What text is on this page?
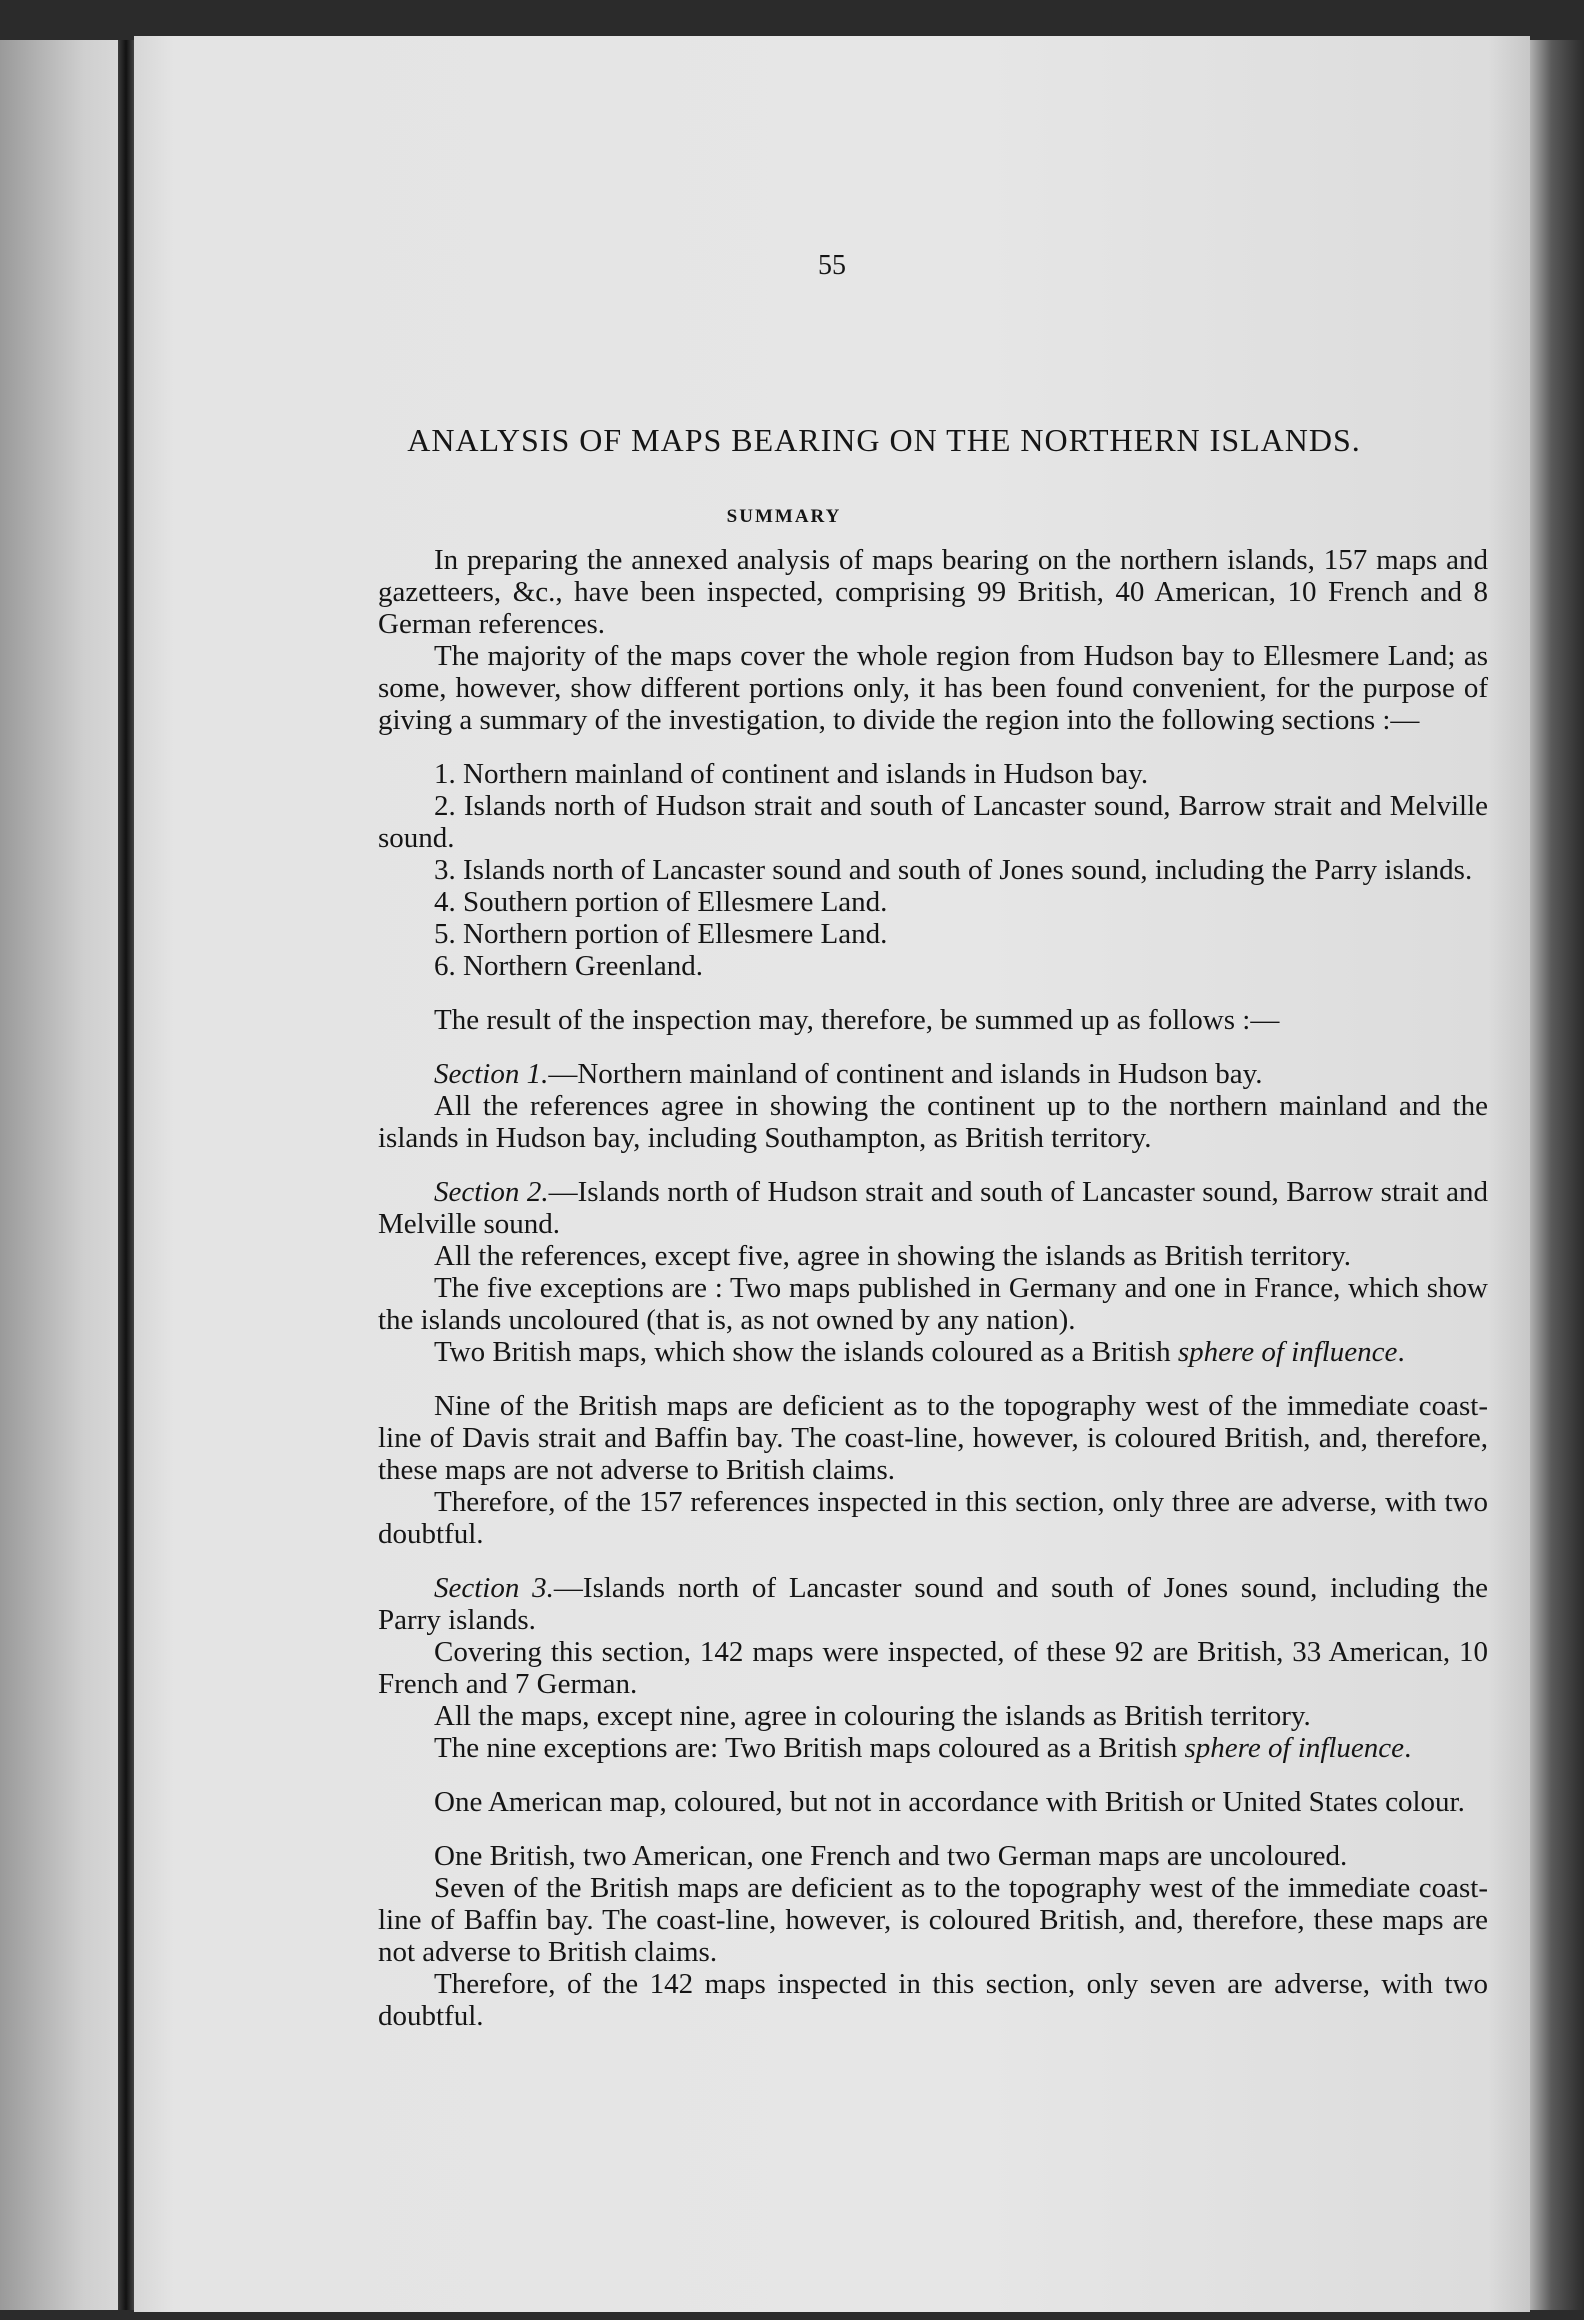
55
ANALYSIS OF MAPS BEARING ON THE NORTHERN ISLANDS.
SUMMARY

In preparing the annexed analysis of maps bearing on the northern islands, 157 maps and gazetteers, &c., have been inspected, comprising 99 British, 40 American, 10 French and 8 German references.

The majority of the maps cover the whole region from Hudson bay to Ellesmere Land; as some, however, show different portions only, it has been found convenient, for the purpose of giving a summary of the investigation, to divide the region into the following sections :—

1. Northern mainland of continent and islands in Hudson bay.

2. Islands north of Hudson strait and south of Lancaster sound, Barrow strait and Melville sound.

3. Islands north of Lancaster sound and south of Jones sound, including the Parry islands.

4. Southern portion of Ellesmere Land.

5. Northern portion of Ellesmere Land.

6. Northern Greenland.

The result of the inspection may, therefore, be summed up as follows :—

Section 1.—Northern mainland of continent and islands in Hudson bay.

All the references agree in showing the continent up to the northern mainland and the islands in Hudson bay, including Southampton, as British territory.

Section 2.—Islands north of Hudson strait and south of Lancaster sound, Barrow strait and Melville sound.

All the references, except five, agree in showing the islands as British territory.

The five exceptions are : Two maps published in Germany and one in France, which show the islands uncoloured (that is, as not owned by any nation).

Two British maps, which show the islands coloured as a British sphere of influence.

Nine of the British maps are deficient as to the topography west of the immediate coast-line of Davis strait and Baffin bay. The coast-line, however, is coloured British, and, therefore, these maps are not adverse to British claims.

Therefore, of the 157 references inspected in this section, only three are adverse, with two doubtful.

Section 3.—Islands north of Lancaster sound and south of Jones sound, including the Parry islands.

Covering this section, 142 maps were inspected, of these 92 are British, 33 American, 10 French and 7 German.

All the maps, except nine, agree in colouring the islands as British territory.

The nine exceptions are: Two British maps coloured as a British sphere of influence.

One American map, coloured, but not in accordance with British or United States colour.

One British, two American, one French and two German maps are uncoloured.

Seven of the British maps are deficient as to the topography west of the immediate coast-line of Baffin bay. The coast-line, however, is coloured British, and, therefore, these maps are not adverse to British claims.

Therefore, of the 142 maps inspected in this section, only seven are adverse, with two doubtful.
